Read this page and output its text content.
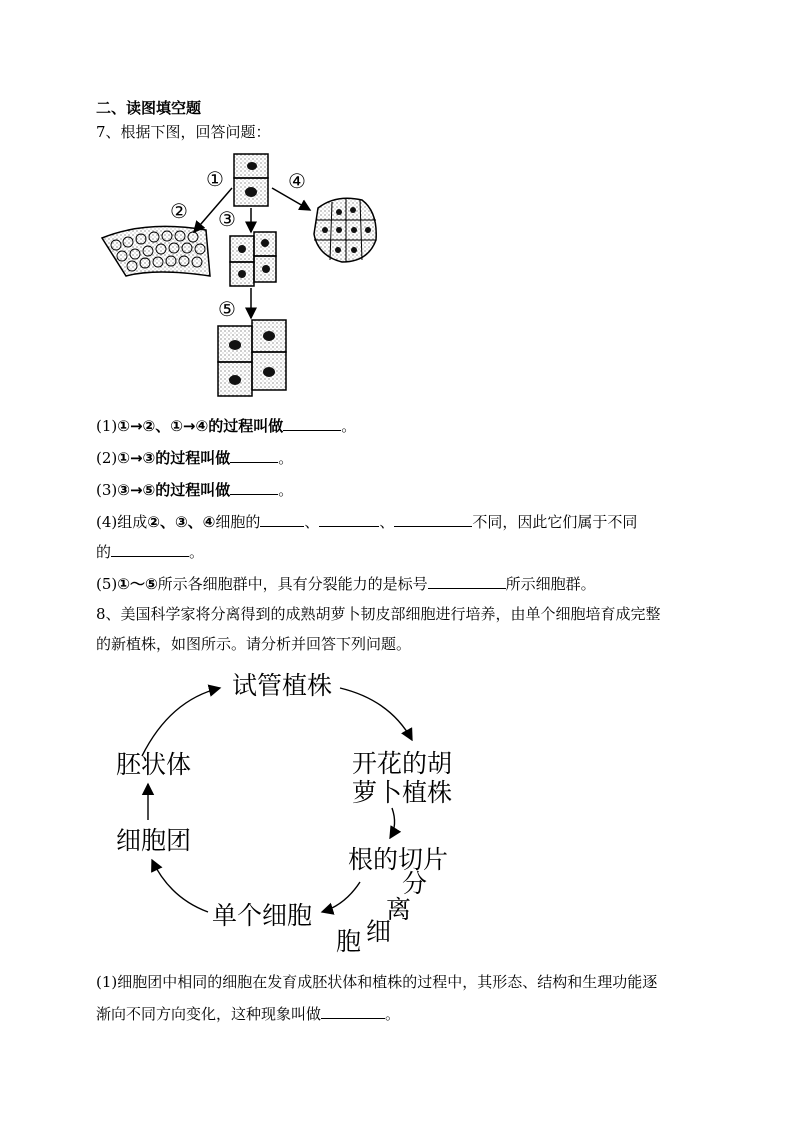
二、读图填空题
7、根据下图，回答问题：
①
② ③
④
⑤
(1)①→②、①→④的过程叫做	。
(2)①→③的过程叫做	。
(3)③→⑤的过程叫做	。
(4)组成②、③、④细胞的	、	、	不同，因此它们属于不同
的	。
(5)①～⑤所示各细胞群中，具有分裂能力的是标号	所示细胞群。
8、美国科学家将分离得到的成熟胡萝卜韧皮部细胞进行培养，由单个细胞培育成完整
的新植株，如图所示。请分析并回答下列问题。
试管植株
开花的胡
萝卜植株
根的切片
分
离
细
胞
单个细胞
细胞团
胚状体
(1)细胞团中相同的细胞在发育成胚状体和植株的过程中，其形态、结构和生理功能逐
渐向不同方向变化，这种现象叫做	。
